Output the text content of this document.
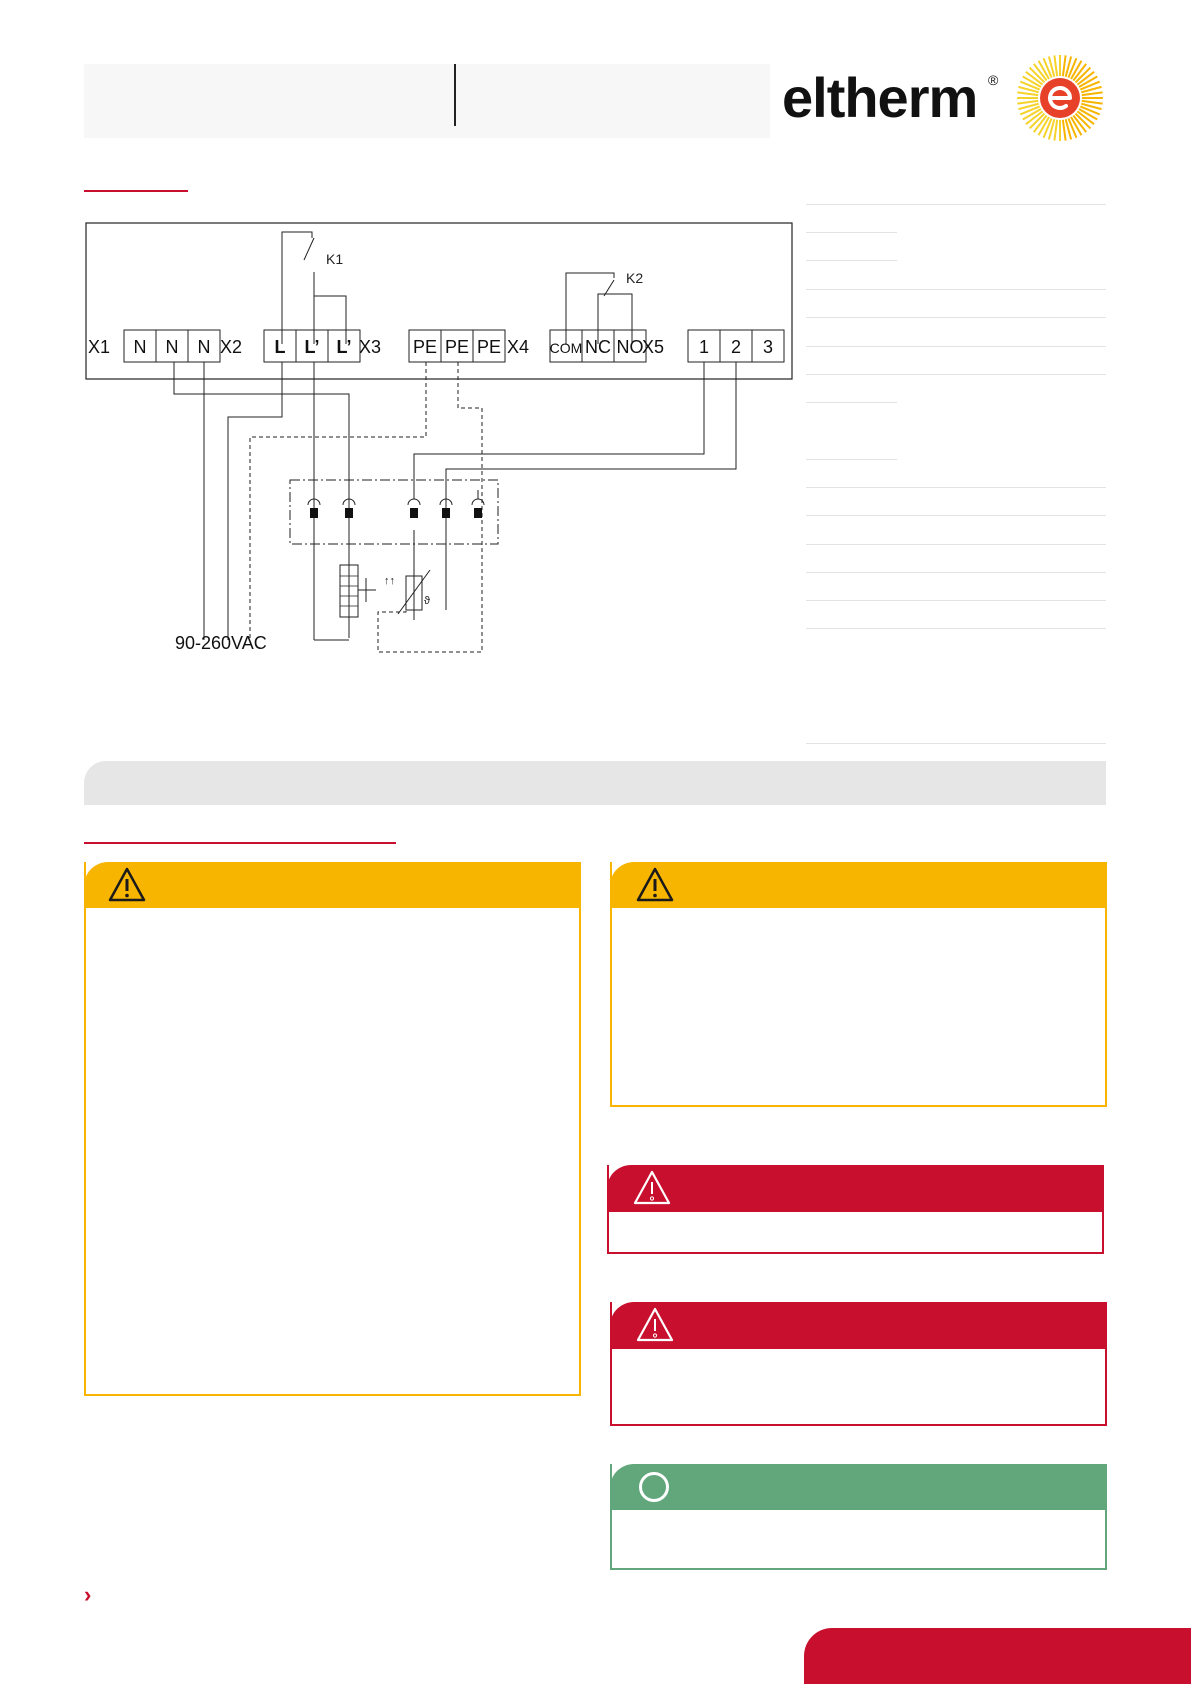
eltherm ®
X1 N N N X2 L L’ L’ X3 PE PE PE X4 COM NC NO
X5 1 2 3
K1
K2
↑↑
ϑ
90-260VAC
›
